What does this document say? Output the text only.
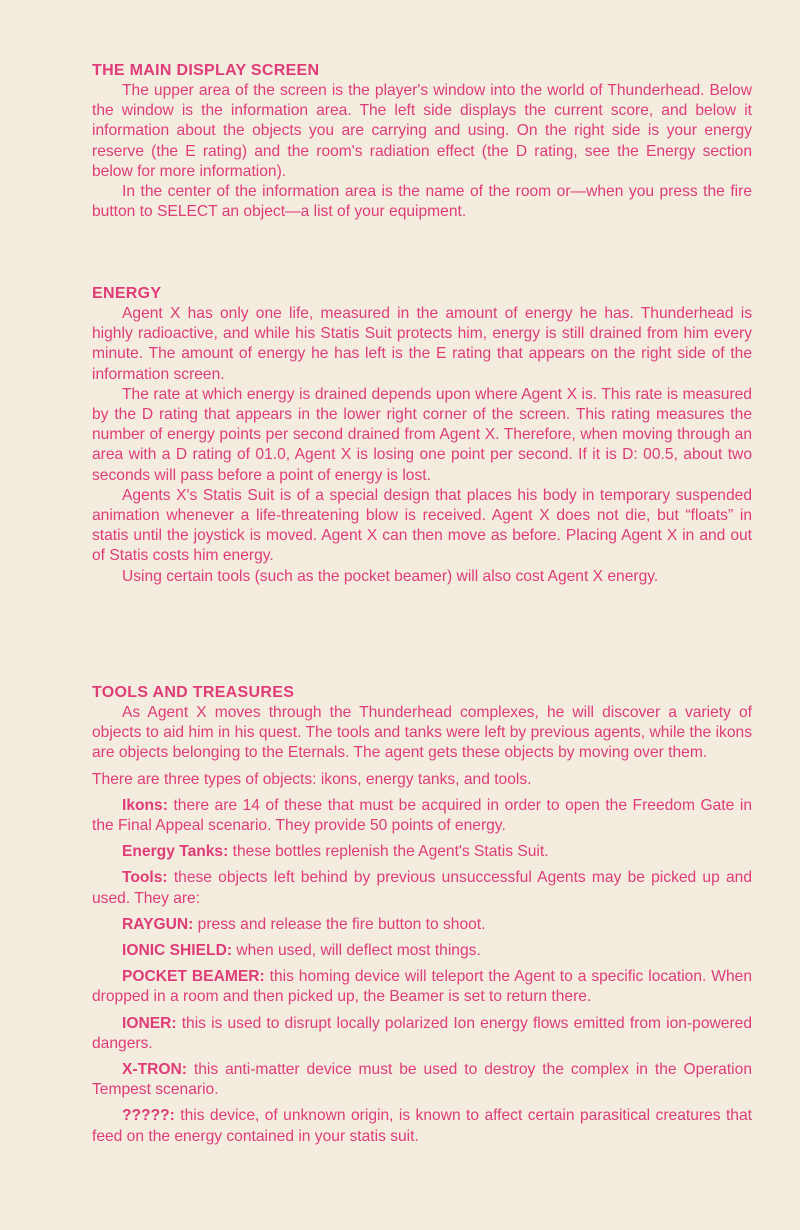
THE MAIN DISPLAY SCREEN

The upper area of the screen is the player's window into the world of Thunderhead. Below the window is the information area. The left side displays the current score, and below it information about the objects you are carrying and using. On the right side is your energy reserve (the E rating) and the room's radiation effect (the D rating, see the Energy section below for more information).

In the center of the information area is the name of the room or—when you press the fire button to SELECT an object—a list of your equipment.

ENERGY

Agent X has only one life, measured in the amount of energy he has. Thunderhead is highly radioactive, and while his Statis Suit protects him, energy is still drained from him every minute. The amount of energy he has left is the E rating that appears on the right side of the information screen.

The rate at which energy is drained depends upon where Agent X is. This rate is measured by the D rating that appears in the lower right corner of the screen. This rating measures the number of energy points per second drained from Agent X. Therefore, when moving through an area with a D rating of 01.0, Agent X is losing one point per second. If it is D: 00.5, about two seconds will pass before a point of energy is lost.

Agents X's Statis Suit is of a special design that places his body in temporary suspended animation whenever a life-threatening blow is received. Agent X does not die, but “floats” in statis until the joystick is moved. Agent X can then move as before. Placing Agent X in and out of Statis costs him energy.

Using certain tools (such as the pocket beamer) will also cost Agent X energy.

TOOLS AND TREASURES

As Agent X moves through the Thunderhead complexes, he will discover a variety of objects to aid him in his quest. The tools and tanks were left by previous agents, while the ikons are objects belonging to the Eternals. The agent gets these objects by moving over them.

There are three types of objects: ikons, energy tanks, and tools.

Ikons: there are 14 of these that must be acquired in order to open the Freedom Gate in the Final Appeal scenario. They provide 50 points of energy.

Energy Tanks: these bottles replenish the Agent's Statis Suit.

Tools: these objects left behind by previous unsuccessful Agents may be picked up and used. They are:

RAYGUN: press and release the fire button to shoot.

IONIC SHIELD: when used, will deflect most things.

POCKET BEAMER: this homing device will teleport the Agent to a specific location. When dropped in a room and then picked up, the Beamer is set to return there.

IONER: this is used to disrupt locally polarized Ion energy flows emitted from ion-powered dangers.

X-TRON: this anti-matter device must be used to destroy the complex in the Operation Tempest scenario.

?????: this device, of unknown origin, is known to affect certain parasitical creatures that feed on the energy contained in your statis suit.
